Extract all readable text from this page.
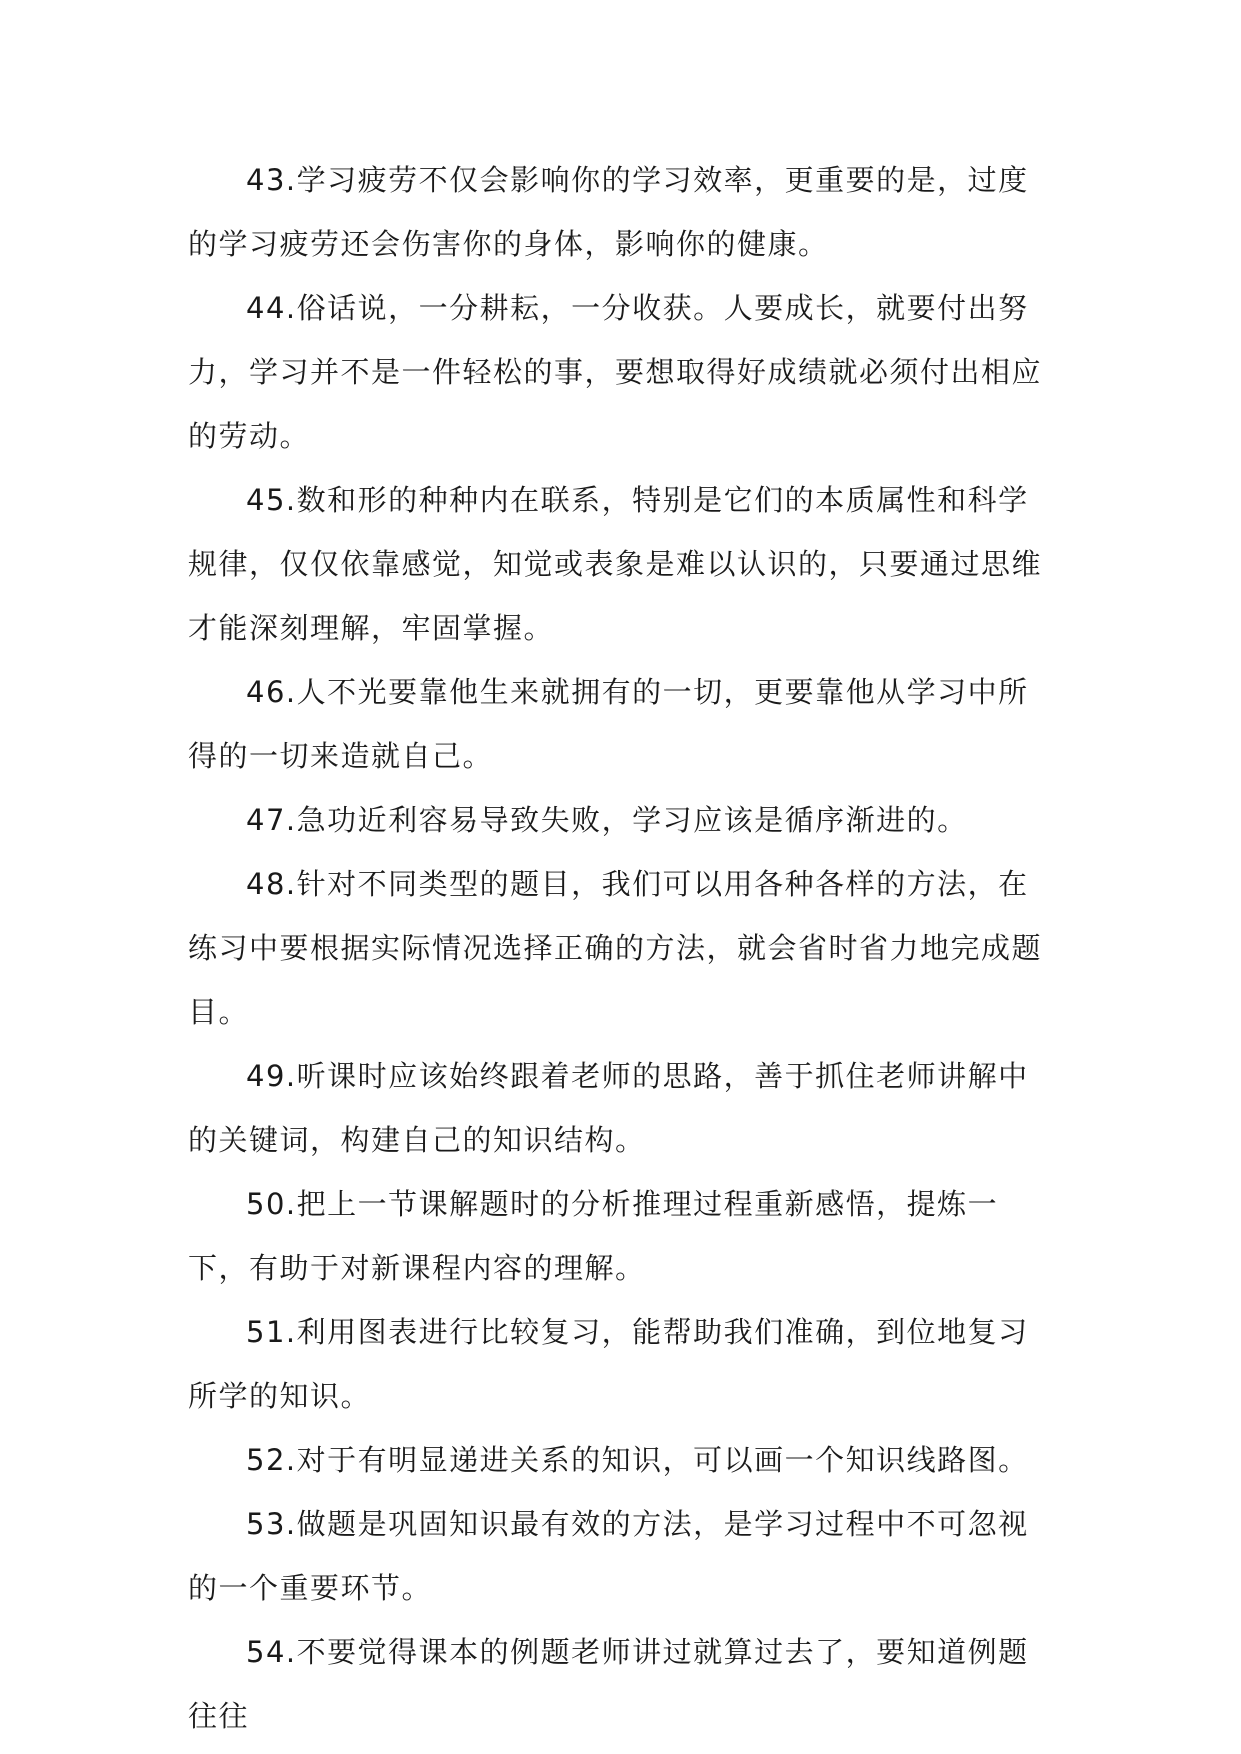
43.学习疲劳不仅会影响你的学习效率，更重要的是，过度的学习疲劳还会伤害你的身体，影响你的健康。

44.俗话说，一分耕耘，一分收获。人要成长，就要付出努力，学习并不是一件轻松的事，要想取得好成绩就必须付出相应的劳动。

45.数和形的种种内在联系，特别是它们的本质属性和科学规律，仅仅依靠感觉，知觉或表象是难以认识的，只要通过思维才能深刻理解，牢固掌握。

46.人不光要靠他生来就拥有的一切，更要靠他从学习中所得的一切来造就自己。

47.急功近利容易导致失败，学习应该是循序渐进的。

48.针对不同类型的题目，我们可以用各种各样的方法，在练习中要根据实际情况选择正确的方法，就会省时省力地完成题目。

49.听课时应该始终跟着老师的思路，善于抓住老师讲解中的关键词，构建自己的知识结构。

50.把上一节课解题时的分析推理过程重新感悟，提炼一下，有助于对新课程内容的理解。

51.利用图表进行比较复习，能帮助我们准确，到位地复习所学的知识。

52.对于有明显递进关系的知识，可以画一个知识线路图。

53.做题是巩固知识最有效的方法，是学习过程中不可忽视的一个重要环节。

54.不要觉得课本的例题老师讲过就算过去了，要知道例题往往
